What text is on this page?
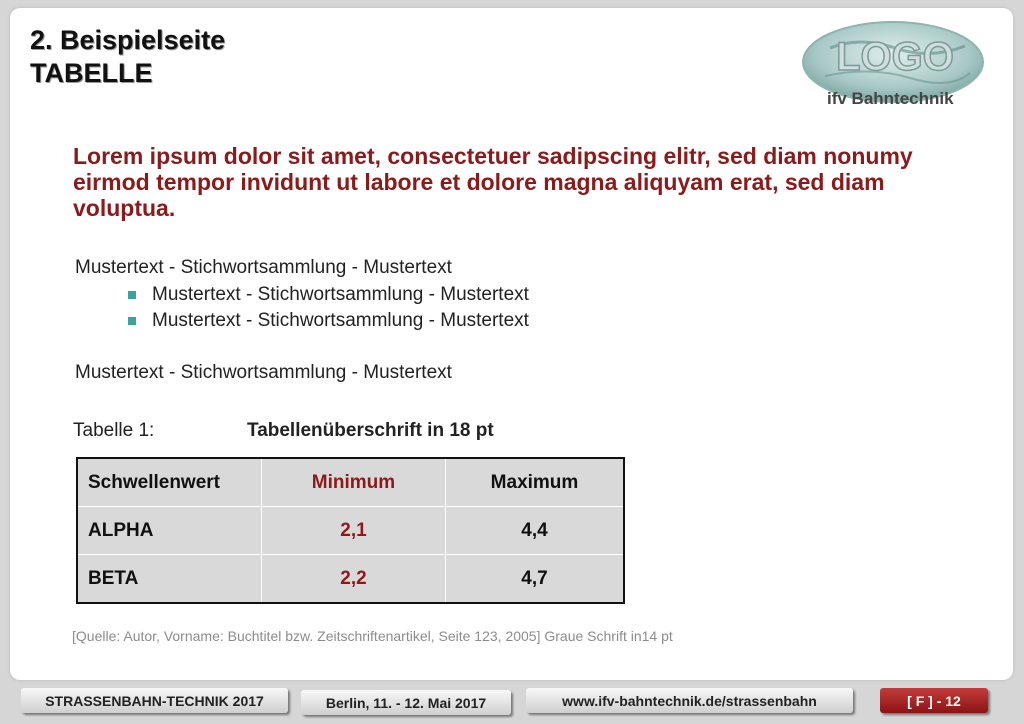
2. Beispielseite
TABELLE	LOGO
ifv Bahntechnik

Lorem ipsum dolor sit amet, consectetuer sadipscing elitr, sed diam nonumy eirmod tempor invidunt ut labore et dolore magna aliquyam erat, sed diam voluptua.

Mustertext - Stichwortsammlung - Mustertext

Mustertext - Stichwortsammlung - Mustertext
Mustertext - Stichwortsammlung - Mustertext

Mustertext - Stichwortsammlung - Mustertext

Tabelle 1:	Tabellenüberschrift in 18 pt
Schwellenwert	Minimum	Maximum
ALPHA	2,1	4,4
BETA	2,2	4,7
[Quelle: Autor, Vorname: Buchtitel bzw. Zeitschriftenartikel, Seite 123, 2005] Graue Schrift in14 pt
STRASSENBAHN-TECHNIK 2017	Berlin, 11. - 12. Mai 2017	www.ifv-bahntechnik.de/strassenbahn	[ F ] - 12
